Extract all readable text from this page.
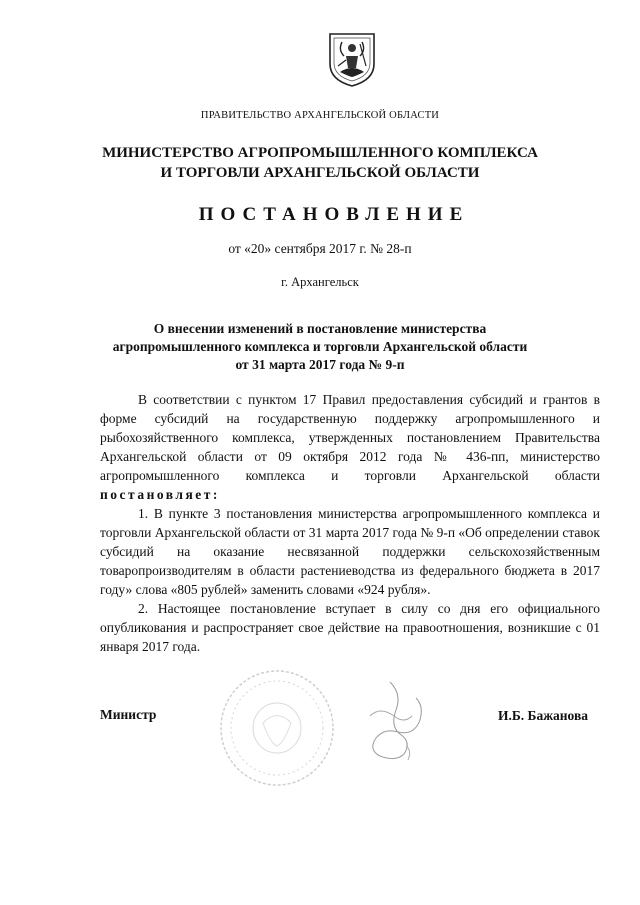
ПРАВИТЕЛЬСТВО АРХАНГЕЛЬСКОЙ ОБЛАСТИ
МИНИСТЕРСТВО АГРОПРОМЫШЛЕННОГО КОМПЛЕКСА
И ТОРГОВЛИ АРХАНГЕЛЬСКОЙ ОБЛАСТИ
ПОСТАНОВЛЕНИЕ
от «20» сентября 2017 г. № 28-п
г. Архангельск
О внесении изменений в постановление министерства
агропромышленного комплекса и торговли Архангельской области
от 31 марта 2017 года № 9-п

В соответствии с пунктом 17 Правил предоставления субсидий и грантов в форме субсидий на государственную поддержку агропромышленного и рыбохозяйственного комплекса, утвержденных постановлением Правительства Архангельской области от 09 октября 2012 года № 436-пп, министерство агропромышленного комплекса и торговли Архангельской области постановляет:

1. В пункте 3 постановления министерства агропромышленного комплекса и торговли Архангельской области от 31 марта 2017 года № 9-п «Об определении ставок субсидий на оказание несвязанной поддержки сельскохозяйственным товаропроизводителям в области растениеводства из федерального бюджета в 2017 году» слова «805 рублей» заменить словами «924 рубля».

2. Настоящее постановление вступает в силу со дня его официального опубликования и распространяет свое действие на правоотношения, возникшие с 01 января 2017 года.

Министр	И.Б. Бажанова
